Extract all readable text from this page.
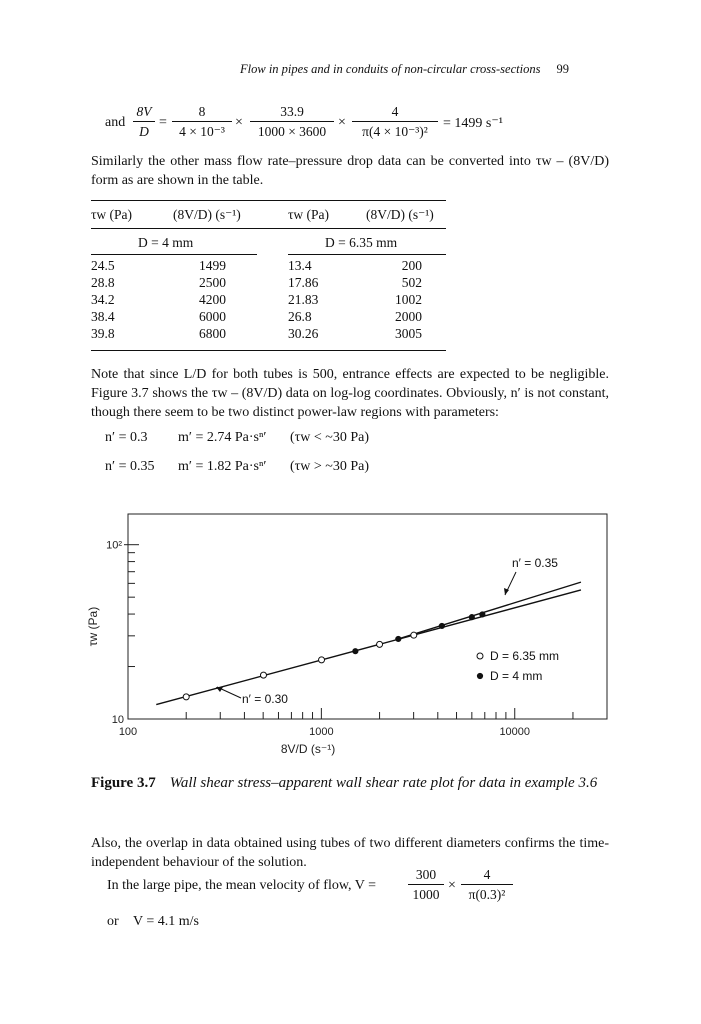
Flow in pipes and in conduits of non-circular cross-sections 99
and
8V
D
=
8
4 × 10⁻³
×
33.9
1000 × 3600
×
4
π(4 × 10⁻³)²
= 1499 s⁻¹
Similarly the other mass flow rate–pressure drop data can be converted into τw – (8V/D) form as are shown in the table.
τw (Pa)	(8V/D) (s⁻¹)	τw (Pa)	(8V/D) (s⁻¹)
D = 4 mm	D = 6.35 mm
24.5	1499	13.4	200
28.8	2500	17.86	502
34.2	4200	21.83	1002
38.4	6000	26.8	2000
39.8	6800	30.26	3005
Note that since L/D for both tubes is 500, entrance effects are expected to be negligible. Figure 3.7 shows the τw – (8V/D) data on log-log coordinates. Obviously, n′ is not constant, though there seem to be two distinct power-law regions with parameters:
n′ = 0.3 m′ = 2.74 Pa·sⁿ′ (τw < ~30 Pa)
n′ = 0.35 m′ = 1.82 Pa·sⁿ′ (τw > ~30 Pa)
100	1000	10000
10
10²
8V/D (s⁻¹)
τw (Pa)
n′ = 0.35
n′ = 0.30
D = 6.35 mm
D = 4 mm
Figure 3.7 Wall shear stress–apparent wall shear rate plot for data in example 3.6
Also, the overlap in data obtained using tubes of two different diameters confirms the time-independent behaviour of the solution.
In the large pipe, the mean velocity of flow, V =
300
1000
×
4
π(0.3)²
or V = 4.1 m/s
